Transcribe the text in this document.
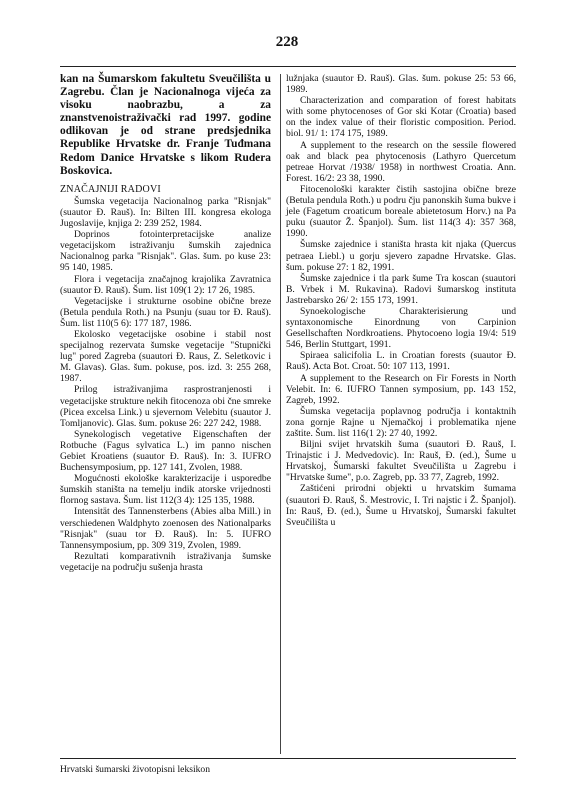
228

kan na Šumarskom fakultetu Sveučilišta u Zagrebu. Član je Nacionalnoga vijeća za visoku naobrazbu, a za znanstvenoistraživački rad 1997. godine odlikovan je od strane predsjednika Republike Hrvatske dr. Franje Tuđmana Redom Danice Hrvatske s likom Rudera Boskovica.

ZNAČAJNIJI RADOVI

Šumska vegetacija Nacionalnog parka "Risnjak" (suautor Đ. Rauš). In: Bilten III. kongresa ekologa Jugoslavije, knjiga 2: 239 252, 1984.

Doprinos fotointerpretacijske analize vegetacijskom istraživanju šumskih zajednica Nacionalnog parka "Risnjak". Glas. šum. po kuse 23: 95 140, 1985.

Flora i vegetacija značajnog krajolika Zavratnica (suautor Đ. Rauš). Šum. list 109(1 2): 17 26, 1985.

Vegetacijske i strukturne osobine obične breze (Betula pendula Roth.) na Psunju (suau tor Đ. Rauš). Šum. list 110(5 6): 177 187, 1986.

Ekolosko vegetacijske osobine i stabil nost specijalnog rezervata šumske vegetacije "Stupnički lug" pored Zagreba (suautori Đ. Raus, Z. Seletkovic i M. Glavas). Glas. šum. pokuse, pos. izd. 3: 255 268, 1987.

Prilog istraživanjima rasprostranjenosti i vegetacijske strukture nekih fitocenoza obi čne smreke (Picea excelsa Link.) u sjevernom Velebitu (suautor J. Tomljanovic). Glas. šum. pokuse 26: 227 242, 1988.

Synekologisch vegetative Eigenschaften der Rotbuche (Fagus sylvatica L.) im panno nischen Gebiet Kroatiens (suautor Đ. Rauš). In: 3. IUFRO Buchensymposium, pp. 127 141, Zvolen, 1988.

Mogućnosti ekološke karakterizacije i usporedbe šumskih staništa na temelju indik atorske vrijednosti flornog sastava. Šum. list 112(3 4): 125 135, 1988.

Intensität des Tannensterbens (Abies alba Mill.) in verschiedenen Waldphyto zoenosen des Nationalparks "Risnjak" (suau tor Đ. Rauš). In: 5. IUFRO Tannensymposium, pp. 309 319, Zvolen, 1989.

Rezultati komparativnih istraživanja šumske vegetacije na području sušenja hrasta

lužnjaka (suautor Đ. Rauš). Glas. šum. pokuse 25: 53 66, 1989.

Characterization and comparation of forest habitats with some phytocenoses of Gor ski Kotar (Croatia) based on the index value of their floristic composition. Period. biol. 91/ 1: 174 175, 1989.

A supplement to the research on the sessile flowered oak and black pea phytocenosis (Lathyro Quercetum petreae Horvat /1938/ 1958) in northwest Croatia. Ann. Forest. 16/2: 23 38, 1990.

Fitocenološki karakter čistih sastojina obične breze (Betula pendula Roth.) u podru čju panonskih šuma bukve i jele (Fagetum croaticum boreale abietetosum Horv.) na Pa puku (suautor Ž. Španjol). Šum. list 114(3 4): 357 368, 1990.

Šumske zajednice i staništa hrasta kit njaka (Quercus petraea Liebl.) u gorju sjevero zapadne Hrvatske. Glas. šum. pokuse 27: 1 82, 1991.

Šumske zajednice i tla park šume Tra koscan (suautori B. Vrbek i M. Rukavina). Radovi šumarskog instituta Jastrebarsko 26/ 2: 155 173, 1991.

Synoekologische Charakterisierung und syntaxonomische Einordnung von Carpinion Gesellschaften Nordkroatiens. Phytocoeno logia 19/4: 519 546, Berlin Stuttgart, 1991.

Spiraea salicifolia L. in Croatian forests (suautor Đ. Rauš). Acta Bot. Croat. 50: 107 113, 1991.

A supplement to the Research on Fir Forests in North Velebit. In: 6. IUFRO Tannen symposium, pp. 143 152, Zagreb, 1992.

Šumska vegetacija poplavnog područja i kontaktnih zona gornje Rajne u Njemačkoj i problematika njene zaštite. Šum. list 116(1 2): 27 40, 1992.

Biljni svijet hrvatskih šuma (suautori Đ. Rauš, I. Trinajstic i J. Medvedovic). In: Rauš, Đ. (ed.), Šume u Hrvatskoj, Šumarski fakultet Sveučilišta u Zagrebu i "Hrvatske šume", p.o. Zagreb, pp. 33 77, Zagreb, 1992.

Zaštićeni prirodni objekti u hrvatskim šumama (suautori Đ. Rauš, Š. Mestrovic, I. Tri najstic i Ž. Španjol). In: Rauš, Đ. (ed.), Šume u Hrvatskoj, Šumarski fakultet Sveučilišta u

Hrvatski šumarski životopisni leksikon
